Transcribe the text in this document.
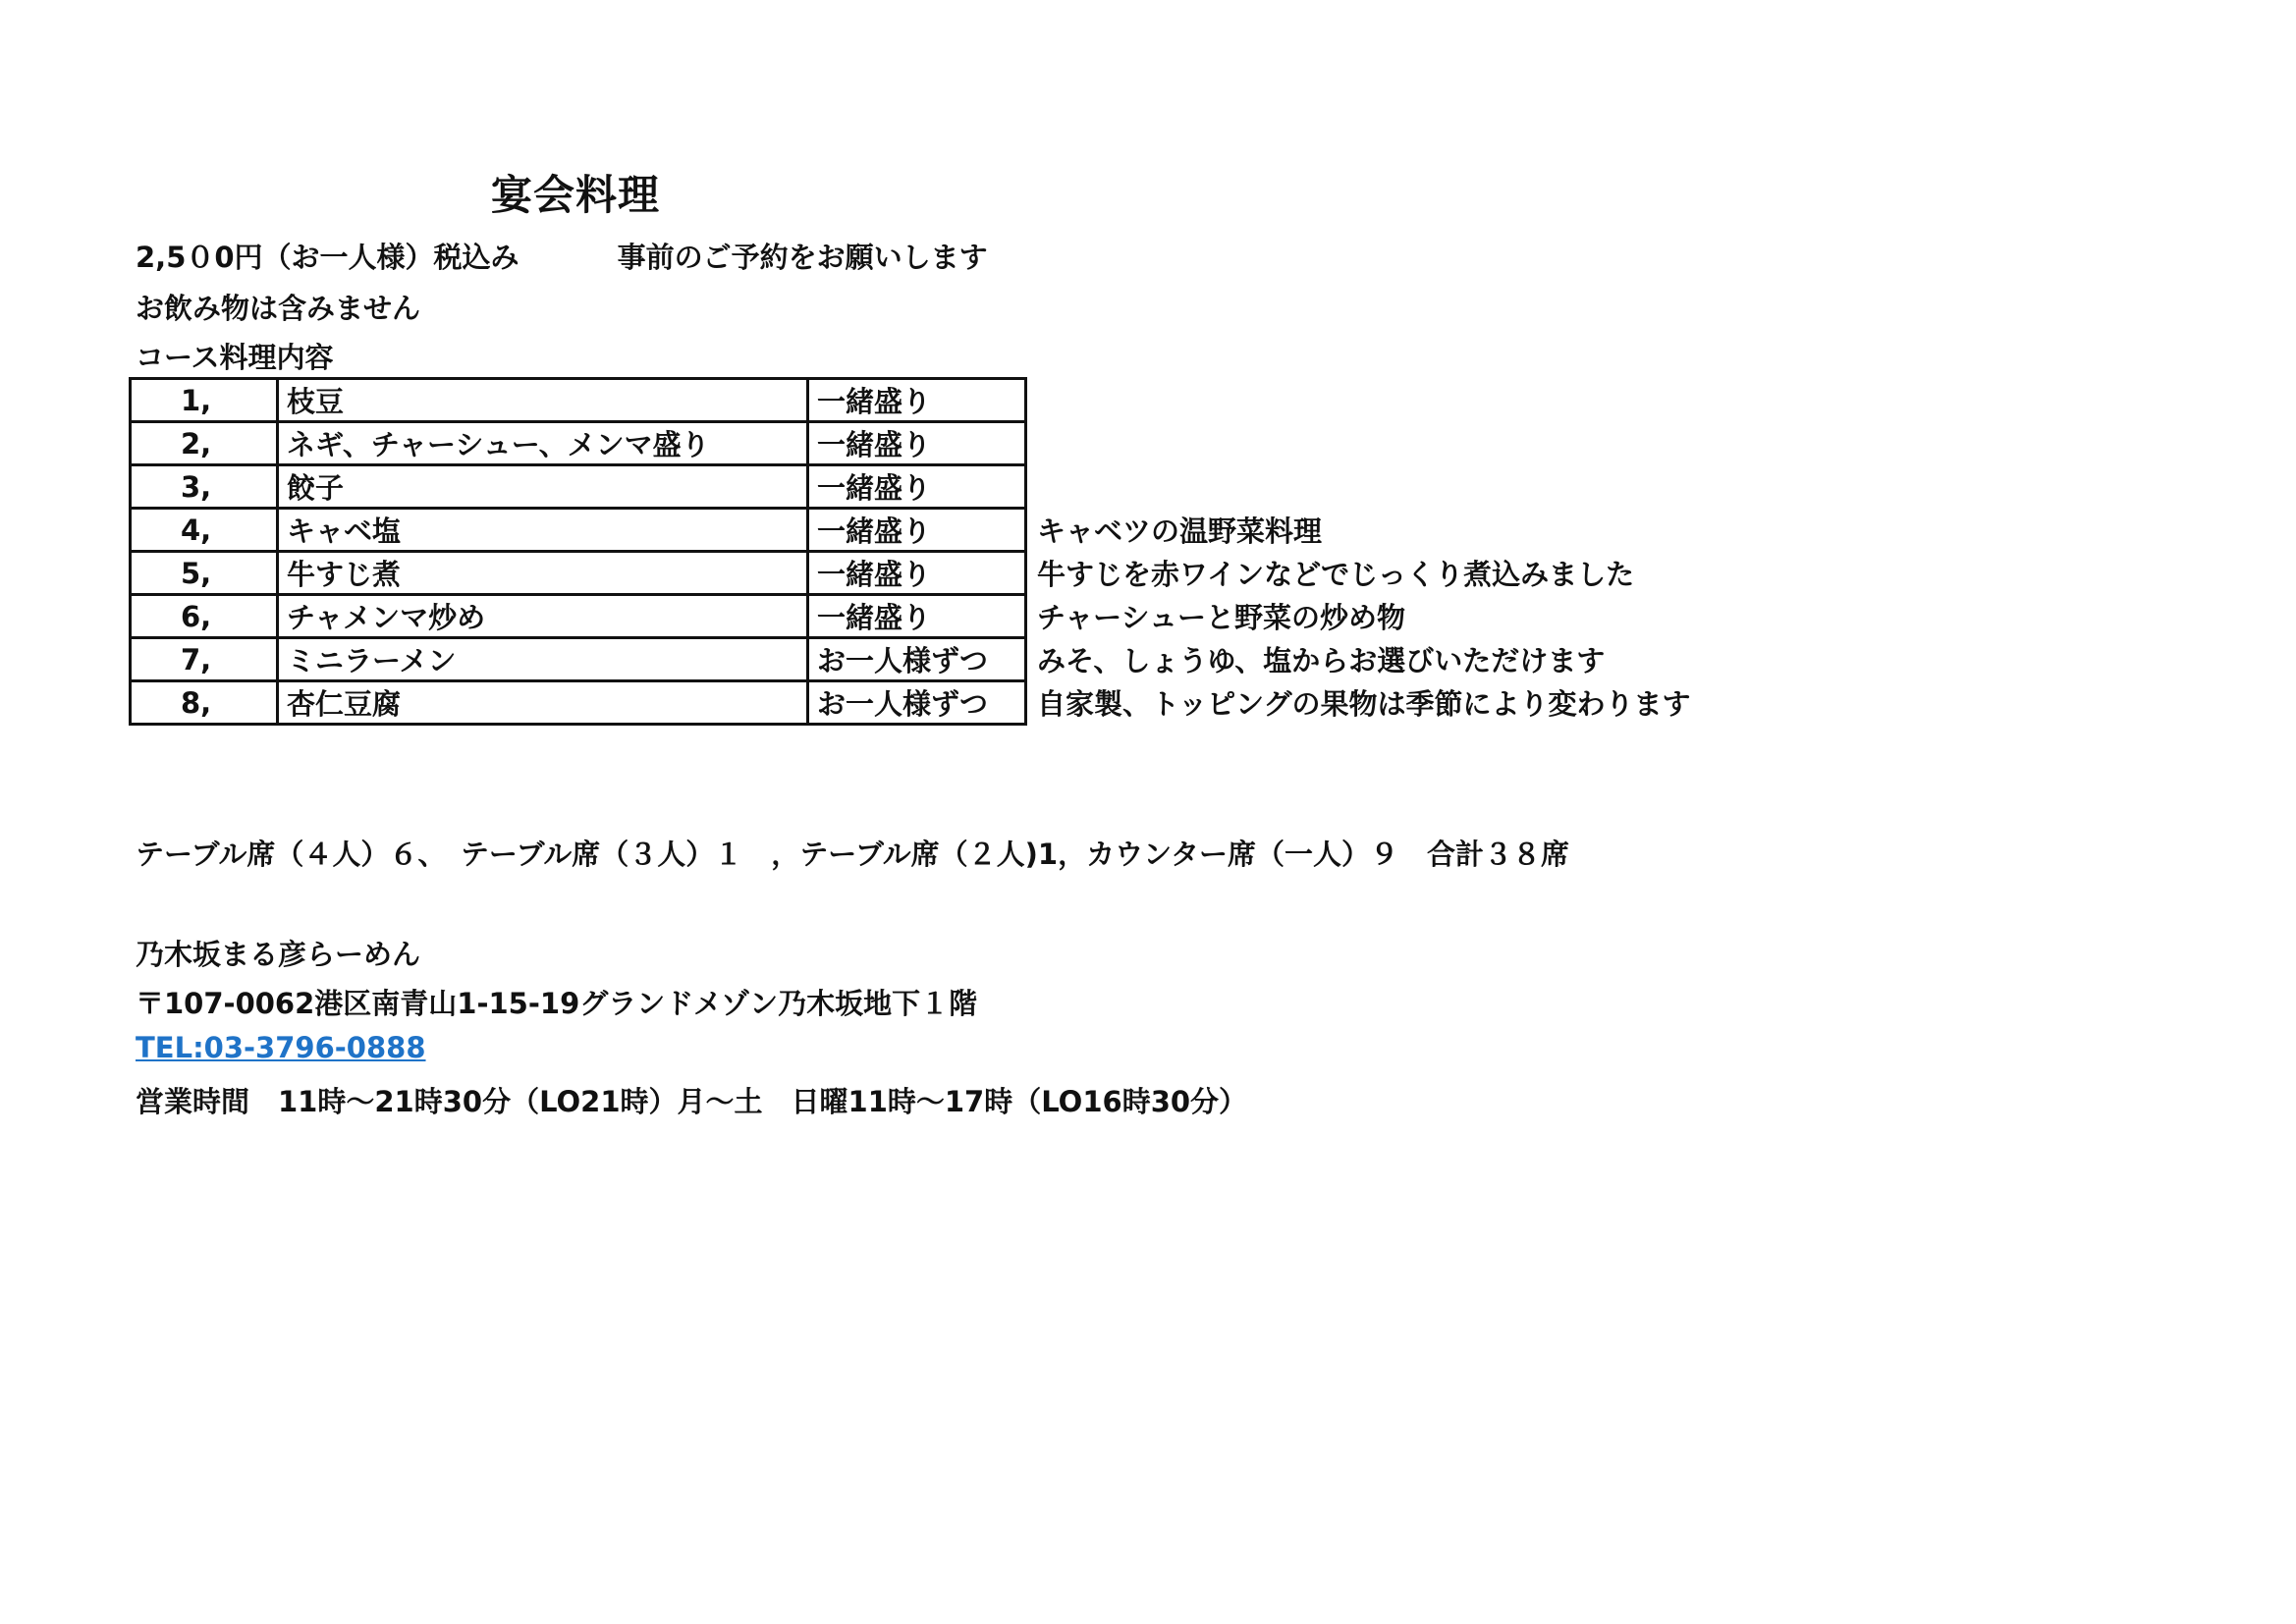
宴会料理
2,5０0円（お一人様）税込み	事前のご予約をお願いします
お飲み物は含みません
コース料理内容
1,	枝豆	一緒盛り	
2,	ネギ、チャーシュー、メンマ盛り	一緒盛り	
3,	餃子	一緒盛り	
4,	キャベ塩	一緒盛り	キャベツの温野菜料理
5,	牛すじ煮	一緒盛り	牛すじを赤ワインなどでじっくり煮込みました
6,	チャメンマ炒め	一緒盛り	チャーシューと野菜の炒め物
7,	ミニラーメン	お一人様ずつ	みそ、しょうゆ、塩からお選びいただけます
8,	杏仁豆腐	お一人様ずつ	自家製、トッピングの果物は季節により変わります
テーブル席（４人）６、　テーブル席（３人）１　，テーブル席（２人)1，カウンター席（一人）９　合計３８席
乃木坂まる彦らーめん
〒107-0062港区南青山1-15-19グランドメゾン乃木坂地下１階
TEL:03-3796-0888
営業時間　11時～21時30分（LO21時）月～土　日曜11時～17時（LO16時30分）
